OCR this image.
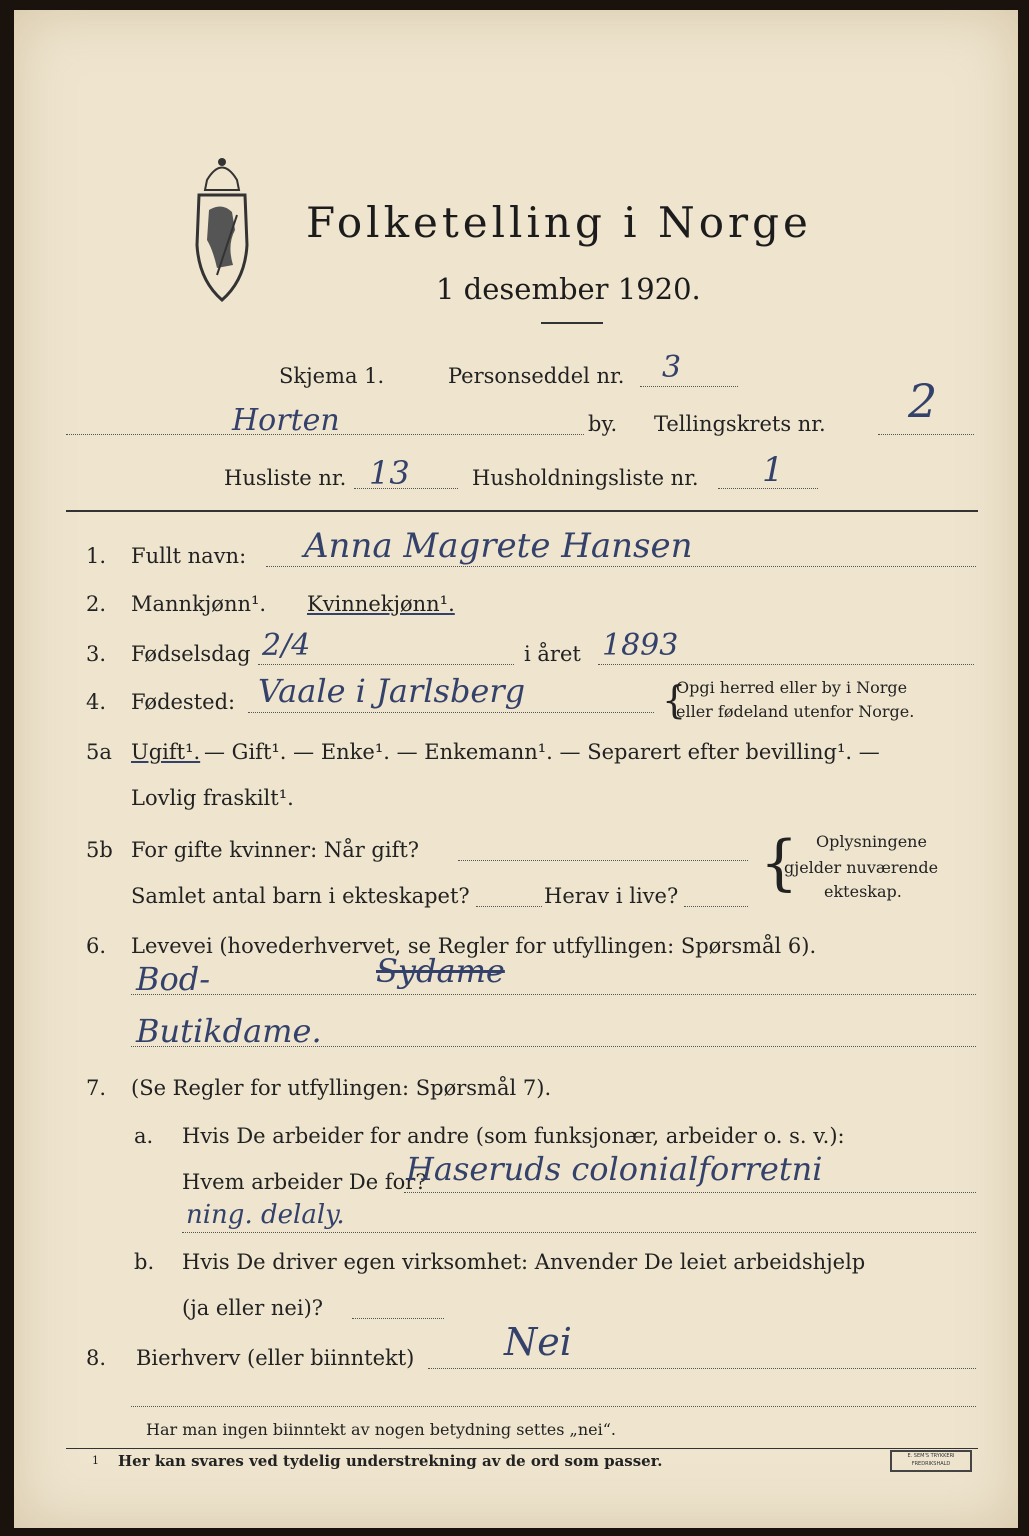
Folketelling i Norge
1 desember 1920.
Skjema 1.	Personseddel nr. 3
Horten	by. Tellingskrets nr. 2
Husliste nr. 13	Husholdningsliste nr. 1
1. Fullt navn: Anna Magrete Hansen
2. Mannkjønn¹. Kvinnekjønn¹.
3. Fødselsdag 2/4	i året 1893
4. Fødested: Vaale i Jarlsberg	{
Opgi herred eller by i Norge
eller fødeland utenfor Norge.
5a Ugift¹. — Gift¹. — Enke¹. — Enkemann¹. — Separert efter bevilling¹. —
Lovlig fraskilt¹.
5b For gifte kvinner: Når gift?
Samlet antal barn i ekteskapet?	Herav i live? { Oplysningene
gjelder nuværende
ekteskap.
6. Levevei (hovederhvervet, se Regler for utfyllingen: Spørsmål 6).
Bod-	Sydame
Butikdame.
7. (Se Regler for utfyllingen: Spørsmål 7).
a. Hvis De arbeider for andre (som funksjonær, arbeider o. s. v.):
Hvem arbeider De for?
Haseruds colonialforretni
ning. delaly.
b. Hvis De driver egen virksomhet: Anvender De leiet arbeidshjelp
(ja eller nei)?
8. Bierhverv (eller biinntekt) Nei
Har man ingen biinntekt av nogen betydning settes „nei“.
1 Her kan svares ved tydelig understrekning av de ord som passer.	E. SEM'S TRYKKERI FREDRIKSHALD
